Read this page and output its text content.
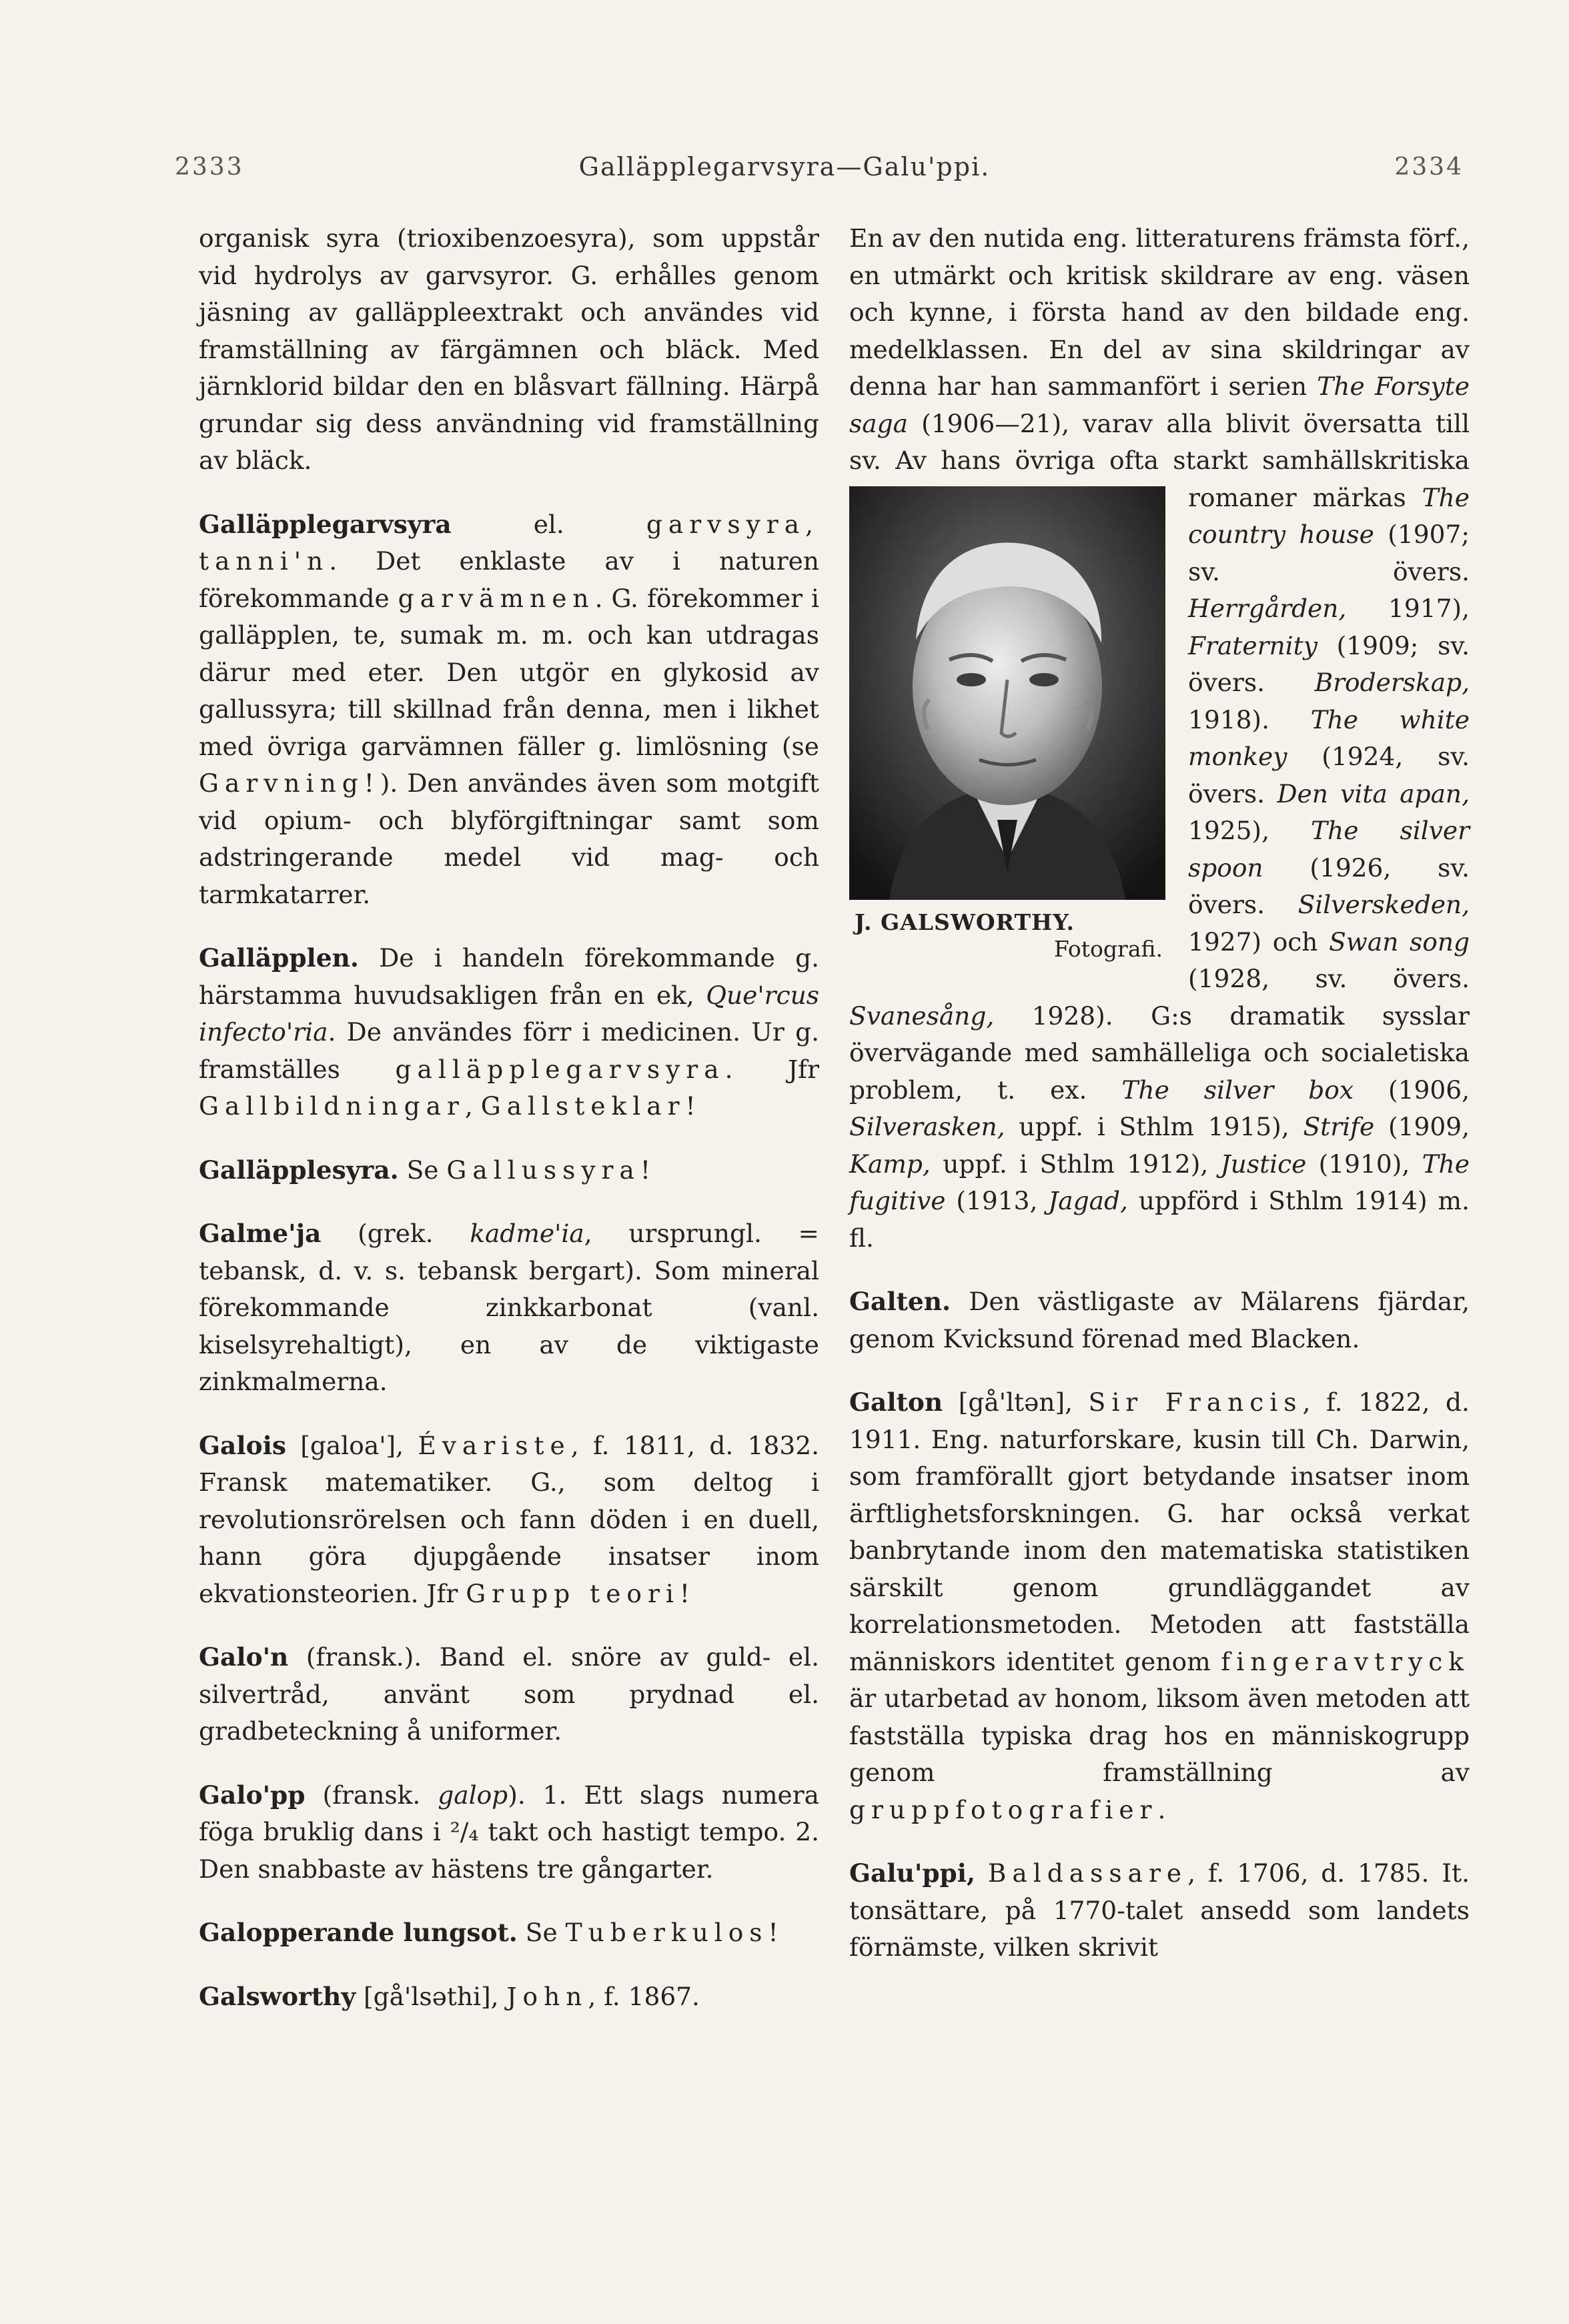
2333	Galläpplegarvsyra—Galu'ppi.	2334

organisk syra (trioxibenzoesyra), som uppstår vid hydrolys av garvsyror. G. erhålles genom jäsning av galläppleextrakt och användes vid framställning av färgämnen och bläck. Med järnklorid bildar den en blåsvart fällning. Härpå grundar sig dess användning vid framställning av bläck.

Galläpplegarvsyra el. garvsyra, tanni'n. Det enklaste av i naturen förekommande garvämnen. G. förekommer i galläpplen, te, sumak m. m. och kan utdragas därur med eter. Den utgör en glykosid av gallussyra; till skillnad från denna, men i likhet med övriga garvämnen fäller g. limlösning (se Garvning!). Den användes även som motgift vid opium- och blyförgiftningar samt som adstringerande medel vid mag- och tarmkatarrer.

Galläpplen. De i handeln förekommande g. härstamma huvudsakligen från en ek, Que'rcus infecto'ria. De användes förr i medicinen. Ur g. framställes galläpplegarvsyra. Jfr Gallbildningar, Gallsteklar!

Galläpplesyra. Se Gallussyra!

Galme'ja (grek. kadme'ia, ursprungl. = tebansk, d. v. s. tebansk bergart). Som mineral förekommande zinkkarbonat (vanl. kiselsyrehaltigt), en av de viktigaste zinkmalmerna.

Galois [galoa'], Évariste, f. 1811, d. 1832. Fransk matematiker. G., som deltog i revolutionsrörelsen och fann döden i en duell, hann göra djupgående insatser inom ekvationsteorien. Jfr Grupp teori!

Galo'n (fransk.). Band el. snöre av guld- el. silvertråd, använt som prydnad el. gradbeteckning å uniformer.

Galo'pp (fransk. galop). 1. Ett slags numera föga bruklig dans i ²/₄ takt och hastigt tempo. 2. Den snabbaste av hästens tre gångarter.

Galopperande lungsot. Se Tuberkulos!

Galsworthy [gå'lsəthi], John, f. 1867.

En av den nutida eng. litteraturens främsta förf., en utmärkt och kritisk skildrare av eng. väsen och kynne, i första hand av den bildade eng. medelklassen. En del av sina skildringar av denna har han sammanfört i serien The Forsyte saga (1906—21), varav alla blivit översatta till sv. Av hans övriga ofta starkt samhällskritiska romaner märkas
J. GALSWORTHY.
Fotografi.
The country house (1907; sv. övers. Herrgården, 1917), Fraternity (1909; sv. övers. Broderskap, 1918). The white monkey (1924, sv. övers. Den vita apan, 1925), The silver spoon (1926, sv. övers. Silverskeden, 1927) och Swan song (1928, sv. övers. Svanesång, 1928). G:s dramatik sysslar övervägande med samhälleliga och socialetiska problem, t. ex. The silver box (1906, Silverasken, uppf. i Sthlm 1915), Strife (1909, Kamp, uppf. i Sthlm 1912), Justice (1910), The fugitive (1913, Jagad, uppförd i Sthlm 1914) m. fl.

Galten. Den västligaste av Mälarens fjärdar, genom Kvicksund förenad med Blacken.

Galton [gå'ltən], Sir Francis, f. 1822, d. 1911. Eng. naturforskare, kusin till Ch. Darwin, som framförallt gjort betydande insatser inom ärftlighetsforskningen. G. har också verkat banbrytande inom den matematiska statistiken särskilt genom grundläggandet av korrelationsmetoden. Metoden att fastställa människors identitet genom fingeravtryck är utarbetad av honom, liksom även metoden att fastställa typiska drag hos en människogrupp genom framställning av gruppfotografier.

Galu'ppi, Baldassare, f. 1706, d. 1785. It. tonsättare, på 1770-talet ansedd som landets förnämste, vilken skrivit
